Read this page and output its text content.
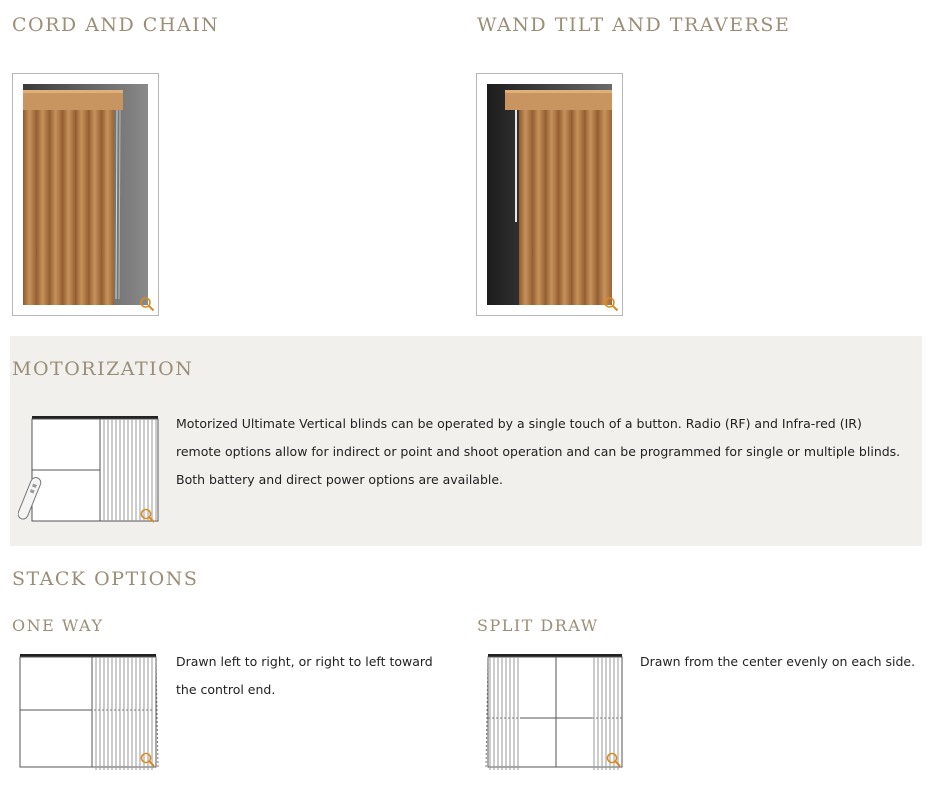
CORD AND CHAIN	WAND TILT AND TRAVERSE
MOTORIZATION

Motorized Ultimate Vertical blinds can be operated by a single touch of a button. Radio (RF) and Infra-red (IR) remote options allow for indirect or point and shoot operation and can be programmed for single or multiple blinds. Both battery and direct power options are available.

STACK OPTIONS
ONE WAY

Drawn left to right, or right to left toward the control end.

SPLIT DRAW

Drawn from the center evenly on each side.
